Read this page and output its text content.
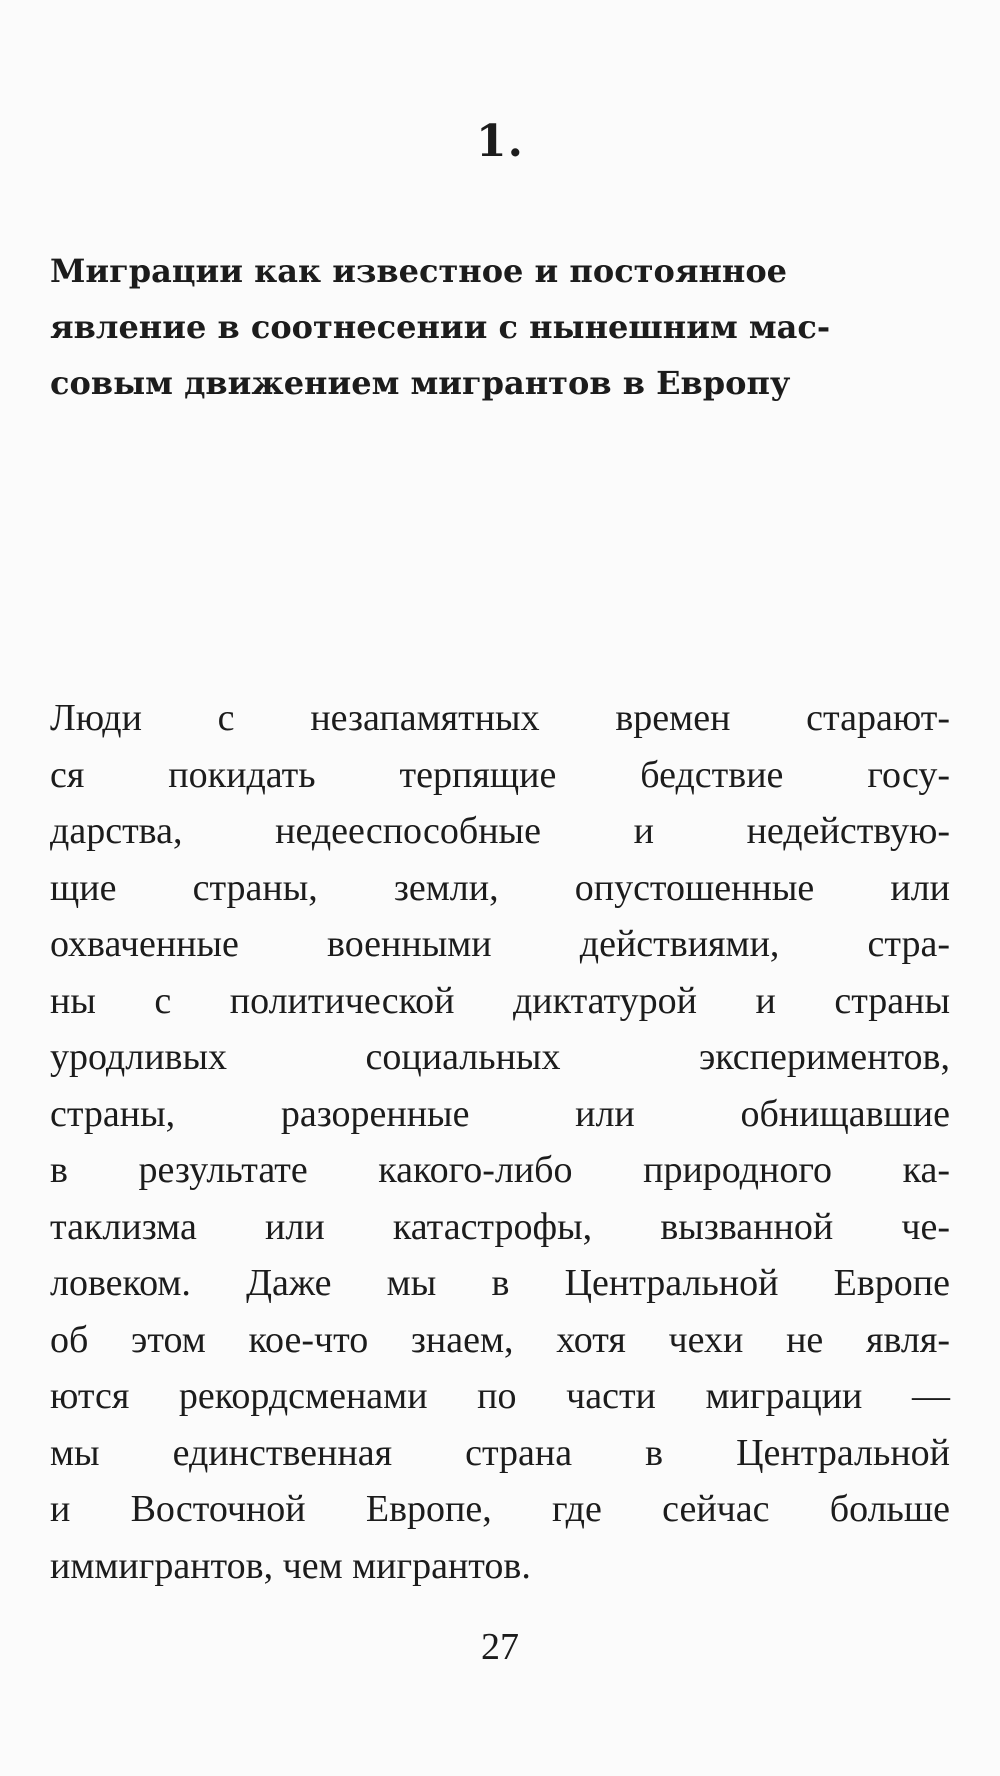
1.
Миграции как известное и постоянное
явление в соотнесении с нынешним мас-
совым движением мигрантов в Европу

Люди с незапамятных времен старают-
ся покидать терпящие бедствие госу-
дарства, недееспособные и недействую-
щие страны, земли, опустошенные или
охваченные военными действиями, стра-
ны с политической диктатурой и страны
уродливых социальных экспериментов,
страны, разоренные или обнищавшие
в результате какого-либо природного ка-
таклизма или катастрофы, вызванной че-
ловеком. Даже мы в Центральной Европе
об этом кое-что знаем, хотя чехи не явля-
ются рекордсменами по части миграции —
мы единственная страна в Центральной
и Восточной Европе, где сейчас больше
иммигрантов, чем мигрантов.

27
